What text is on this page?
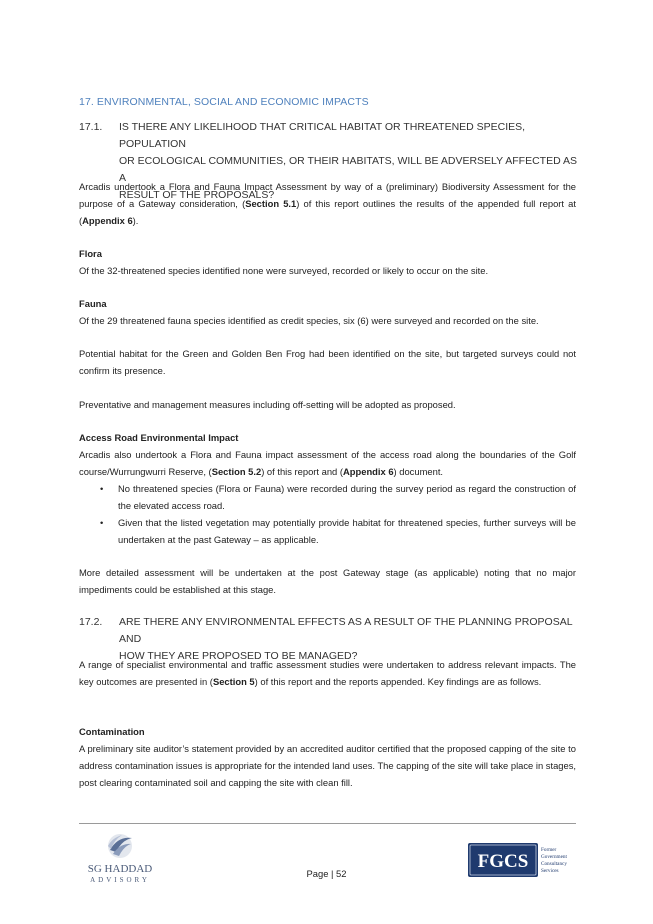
17. ENVIRONMENTAL, SOCIAL AND ECONOMIC IMPACTS
17.1. IS THERE ANY LIKELIHOOD THAT CRITICAL HABITAT OR THREATENED SPECIES, POPULATION
OR ECOLOGICAL COMMUNITIES, OR THEIR HABITATS, WILL BE ADVERSELY AFFECTED AS A
RESULT OF THE PROPOSALS?
Arcadis undertook a Flora and Fauna Impact Assessment by way of a (preliminary) Biodiversity Assessment for the purpose of a Gateway consideration, (Section 5.1) of this report outlines the results of the appended full report at (Appendix 6).
Flora
Of the 32-threatened species identified none were surveyed, recorded or likely to occur on the site.
Fauna
Of the 29 threatened fauna species identified as credit species, six (6) were surveyed and recorded on the site.
Potential habitat for the Green and Golden Ben Frog had been identified on the site, but targeted surveys could not confirm its presence.
Preventative and management measures including off-setting will be adopted as proposed.
Access Road Environmental Impact
Arcadis also undertook a Flora and Fauna impact assessment of the access road along the boundaries of the Golf course/Wurrungwurri Reserve, (Section 5.2) of this report and (Appendix 6) document.
• No threatened species (Flora or Fauna) were recorded during the survey period as regard the construction of the elevated access road.
• Given that the listed vegetation may potentially provide habitat for threatened species, further surveys will be undertaken at the past Gateway – as applicable.
More detailed assessment will be undertaken at the post Gateway stage (as applicable) noting that no major impediments could be established at this stage.
17.2. ARE THERE ANY ENVIRONMENTAL EFFECTS AS A RESULT OF THE PLANNING PROPOSAL AND
HOW THEY ARE PROPOSED TO BE MANAGED?
A range of specialist environmental and traffic assessment studies were undertaken to address relevant impacts. The key outcomes are presented in (Section 5) of this report and the reports appended. Key findings are as follows.
Contamination
A preliminary site auditor’s statement provided by an accredited auditor certified that the proposed capping of the site to address contamination issues is appropriate for the intended land uses. The capping of the site will take place in stages, post clearing contaminated soil and capping the site with clean fill.
SG HADDAD
ADVISORY
Page | 52
FGCS
Former
Government
Consultancy
Services
